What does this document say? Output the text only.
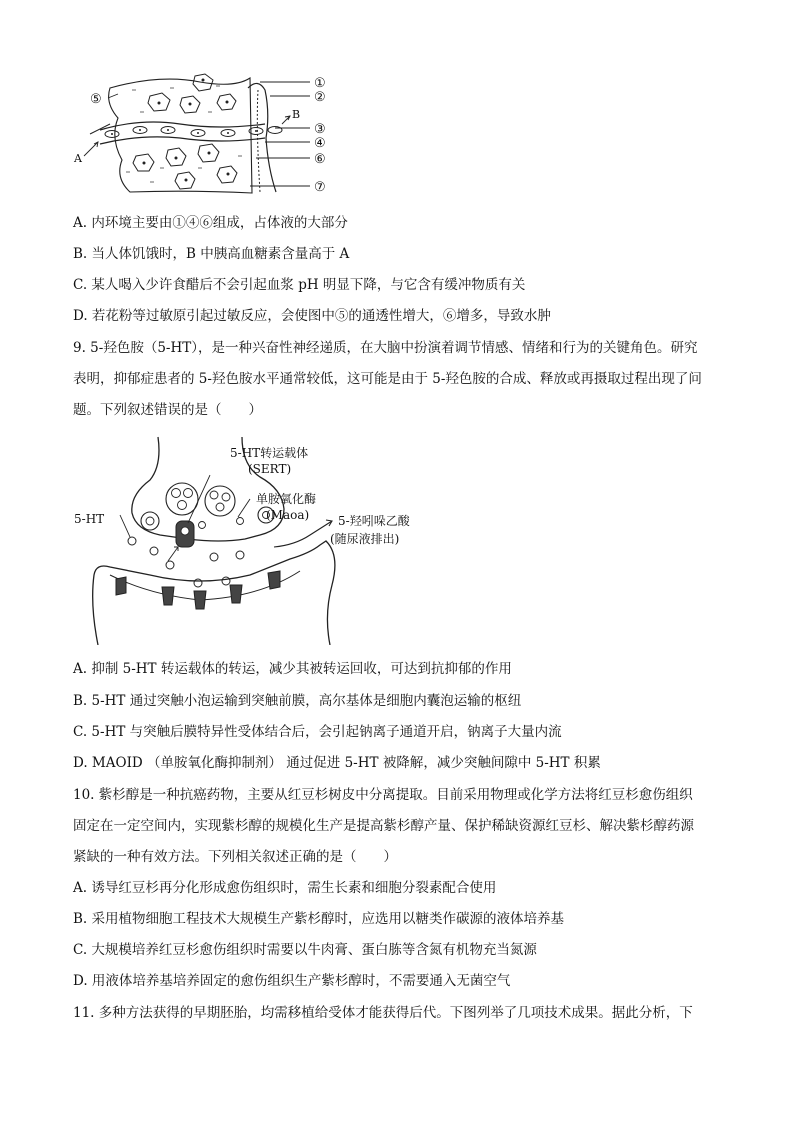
①
②
③
④
⑥
⑦
⑤
A
B
A. 内环境主要由①④⑥组成，占体液的大部分
B. 当人体饥饿时，B 中胰高血糖素含量高于 A
C. 某人喝入少许食醋后不会引起血浆 pH 明显下降，与它含有缓冲物质有关
D. 若花粉等过敏原引起过敏反应，会使图中⑤的通透性增大，⑥增多，导致水肿
9. 5-羟色胺（5-HT），是一种兴奋性神经递质，在大脑中扮演着调节情感、情绪和行为的关键角色。研究
表明，抑郁症患者的 5-羟色胺水平通常较低，这可能是由于 5-羟色胺的合成、释放或再摄取过程出现了问
题。下列叙述错误的是（　　）
5-HT转运载体
(SERT)
单胺氧化酶
(Maoa) 5-羟吲哚乙酸
(随尿液排出)
5-HT
A. 抑制 5-HT 转运载体的转运，减少其被转运回收，可达到抗抑郁的作用
B. 5-HT 通过突触小泡运输到突触前膜，高尔基体是细胞内囊泡运输的枢纽
C. 5-HT 与突触后膜特异性受体结合后，会引起钠离子通道开启，钠离子大量内流
D. MAOID （单胺氧化酶抑制剂） 通过促进 5-HT 被降解，减少突触间隙中 5-HT 积累
10. 紫杉醇是一种抗癌药物，主要从红豆杉树皮中分离提取。目前采用物理或化学方法将红豆杉愈伤组织
固定在一定空间内，实现紫杉醇的规模化生产是提高紫杉醇产量、保护稀缺资源红豆杉、解决紫杉醇药源
紧缺的一种有效方法。下列相关叙述正确的是（　　）
A. 诱导红豆杉再分化形成愈伤组织时，需生长素和细胞分裂素配合使用
B. 采用植物细胞工程技术大规模生产紫杉醇时，应选用以糖类作碳源的液体培养基
C. 大规模培养红豆杉愈伤组织时需要以牛肉膏、蛋白胨等含氮有机物充当氮源
D. 用液体培养基培养固定的愈伤组织生产紫杉醇时，不需要通入无菌空气
11. 多种方法获得的早期胚胎，均需移植给受体才能获得后代。下图列举了几项技术成果。据此分析，下
